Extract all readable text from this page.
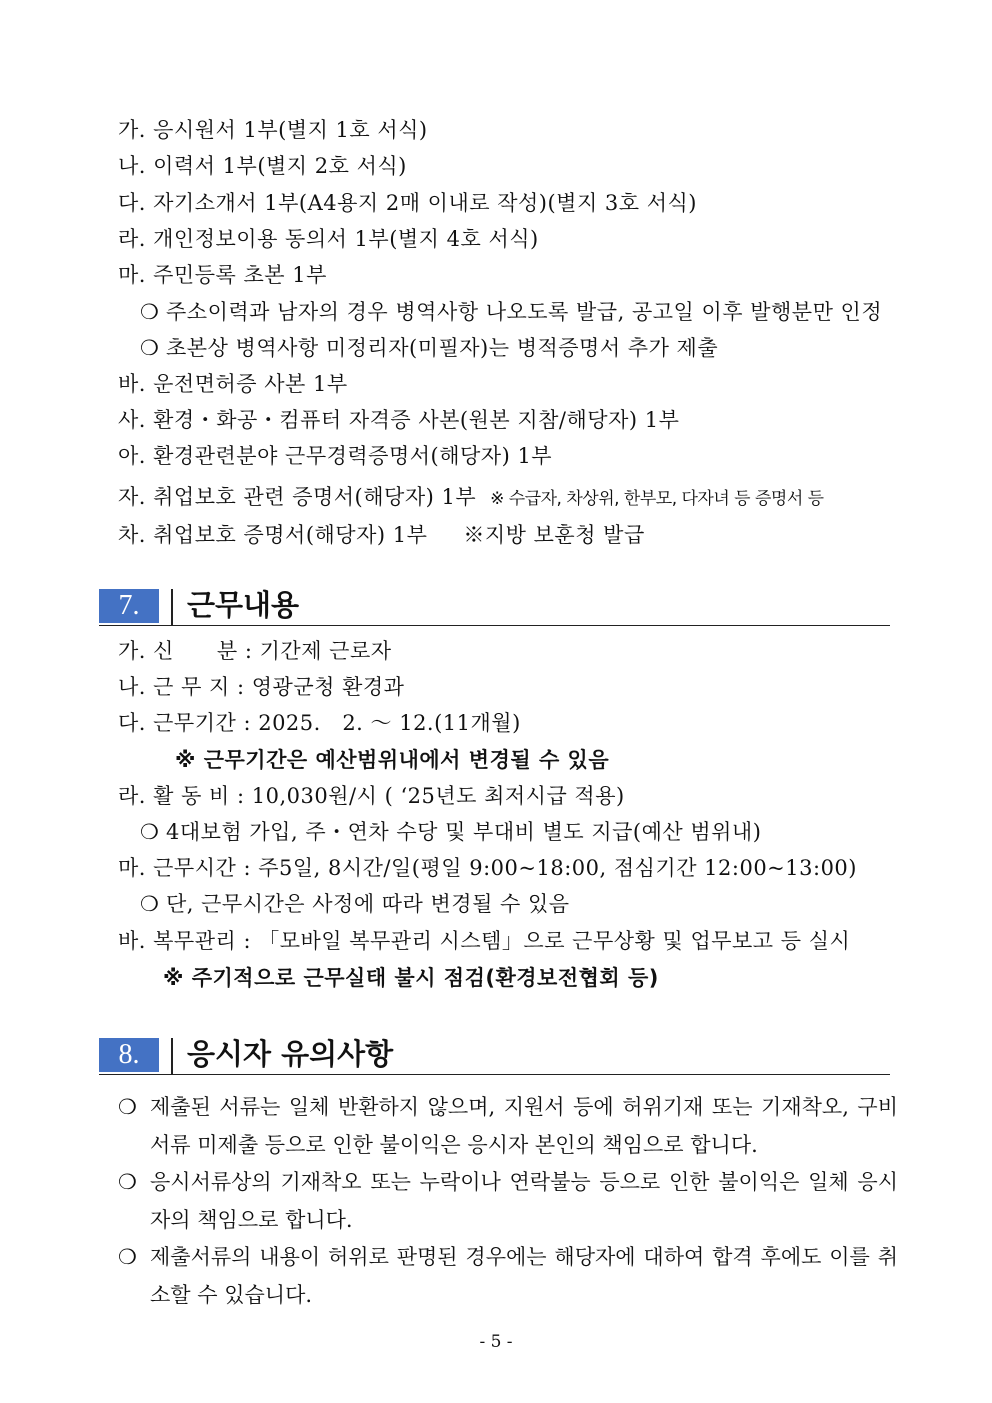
가. 응시원서 1부(별지 1호 서식)
나. 이력서 1부(별지 2호 서식)
다. 자기소개서 1부(A4용지 2매 이내로 작성)(별지 3호 서식)
라. 개인정보이용 동의서 1부(별지 4호 서식)
마. 주민등록 초본 1부
❍ 주소이력과 남자의 경우 병역사항 나오도록 발급, 공고일 이후 발행분만 인정
❍ 초본상 병역사항 미정리자(미필자)는 병적증명서 추가 제출
바. 운전면허증 사본 1부
사. 환경・화공・컴퓨터 자격증 사본(원본 지참/해당자) 1부
아. 환경관련분야 근무경력증명서(해당자) 1부
자. 취업보호 관련 증명서(해당자) 1부 ※ 수급자, 차상위, 한부모, 다자녀 등 증명서 등
차. 취업보호 증명서(해당자) 1부 ※지방 보훈청 발급
7.	근무내용
가. 신　　분 : 기간제 근로자
나. 근 무 지 : 영광군청 환경과
다. 근무기간 : 2025.　2. ～ 12.(11개월)
※ 근무기간은 예산범위내에서 변경될 수 있음
라. 활 동 비 : 10,030원/시 ( ‘25년도 최저시급 적용)
❍ 4대보험 가입, 주・연차 수당 및 부대비 별도 지급(예산 범위내)
마. 근무시간 : 주5일, 8시간/일(평일 9:00~18:00, 점심기간 12:00~13:00)
❍ 단, 근무시간은 사정에 따라 변경될 수 있음
바. 복무관리 : 「모바일 복무관리 시스템」으로 근무상황 및 업무보고 등 실시
※ 주기적으로 근무실태 불시 점검(환경보전협회 등)
8.	응시자 유의사항
❍ 제출된 서류는 일체 반환하지 않으며, 지원서 등에 허위기재 또는 기재착오, 구비서류 미제출 등으로 인한 불이익은 응시자 본인의 책임으로 합니다.
❍ 응시서류상의 기재착오 또는 누락이나 연락불능 등으로 인한 불이익은 일체 응시자의 책임으로 합니다.
❍ 제출서류의 내용이 허위로 판명된 경우에는 해당자에 대하여 합격 후에도 이를 취소할 수 있습니다.
- 5 -
